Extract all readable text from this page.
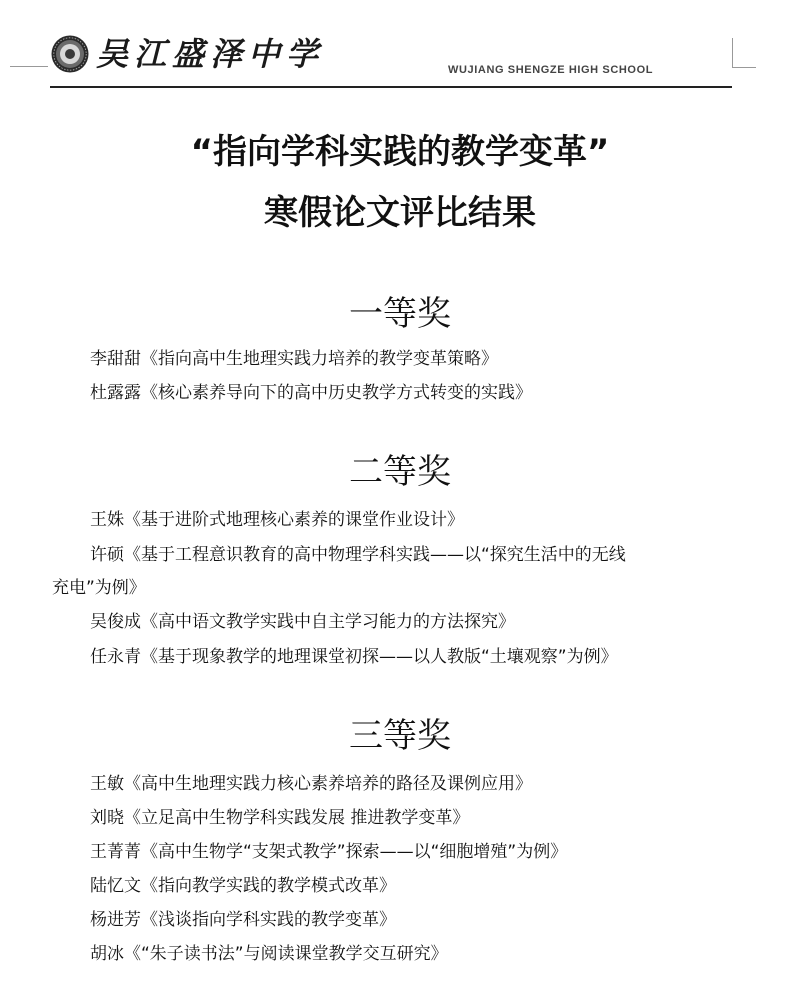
吴江盛泽中学	WUJIANG SHENGZE HIGH SCHOOL
“指向学科实践的教学变革”
寒假论文评比结果
一等奖
李甜甜《指向高中生地理实践力培养的教学变革策略》
杜露露《核心素养导向下的高中历史教学方式转变的实践》
二等奖
王姝《基于进阶式地理核心素养的课堂作业设计》
许硕《基于工程意识教育的高中物理学科实践——以“探究生活中的无线
充电”为例》
吴俊成《高中语文教学实践中自主学习能力的方法探究》
任永青《基于现象教学的地理课堂初探——以人教版“土壤观察”为例》
三等奖
王敏《高中生地理实践力核心素养培养的路径及课例应用》
刘晓《立足高中生物学科实践发展 推进教学变革》
王菁菁《高中生物学“支架式教学”探索——以“细胞增殖”为例》
陆忆文《指向教学实践的教学模式改革》
杨进芳《浅谈指向学科实践的教学变革》
胡冰《“朱子读书法”与阅读课堂教学交互研究》
